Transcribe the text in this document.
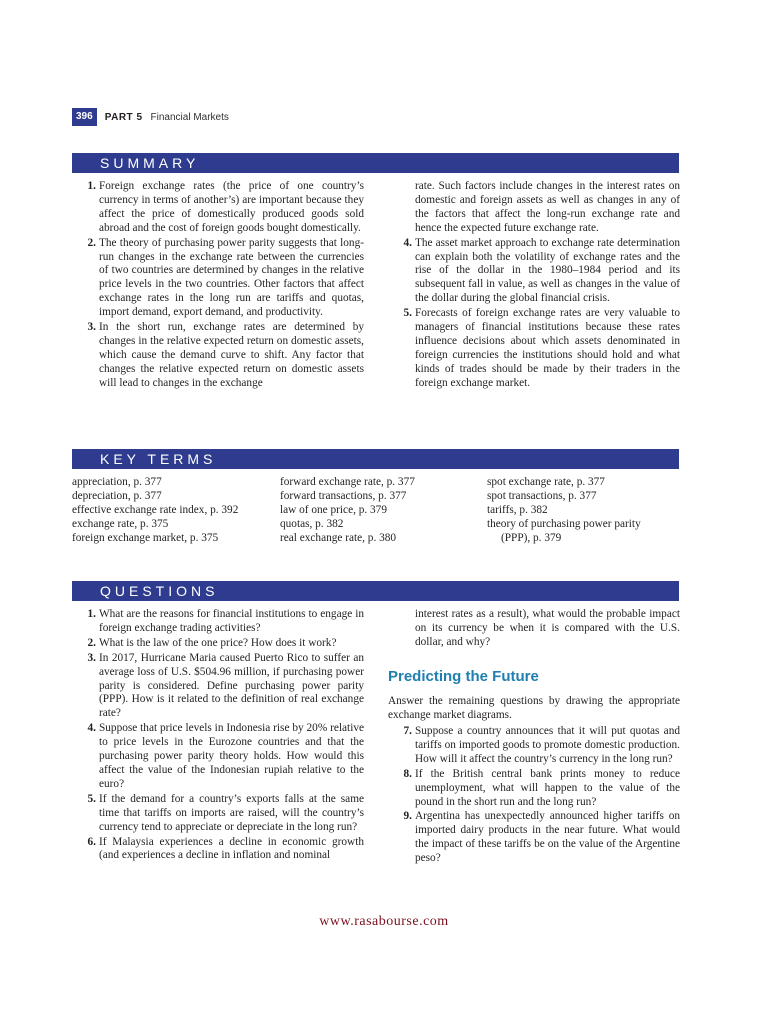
396	PART 5 Financial Markets
SUMMARY
1. Foreign exchange rates (the price of one country’s currency in terms of another’s) are important because they affect the price of domestically produced goods sold abroad and the cost of foreign goods bought domestically.
2. The theory of purchasing power parity suggests that long-run changes in the exchange rate between the currencies of two countries are determined by changes in the relative price levels in the two countries. Other factors that affect exchange rates in the long run are tariffs and quotas, import demand, export demand, and productivity.
3. In the short run, exchange rates are determined by changes in the relative expected return on domestic assets, which cause the demand curve to shift. Any factor that changes the relative expected return on domestic assets will lead to changes in the exchange
rate. Such factors include changes in the interest rates on domestic and foreign assets as well as changes in any of the factors that affect the long-run exchange rate and hence the expected future exchange rate.
4. The asset market approach to exchange rate determination can explain both the volatility of exchange rates and the rise of the dollar in the 1980–1984 period and its subsequent fall in value, as well as changes in the value of the dollar during the global financial crisis.
5. Forecasts of foreign exchange rates are very valuable to managers of financial institutions because these rates influence decisions about which assets denominated in foreign currencies the institutions should hold and what kinds of trades should be made by their traders in the foreign exchange market.
KEY TERMS
appreciation, p. 377
depreciation, p. 377
effective exchange rate index, p. 392
exchange rate, p. 375
foreign exchange market, p. 375
forward exchange rate, p. 377
forward transactions, p. 377
law of one price, p. 379
quotas, p. 382
real exchange rate, p. 380
spot exchange rate, p. 377
spot transactions, p. 377
tariffs, p. 382
theory of purchasing power parity
(PPP), p. 379
QUESTIONS
1. What are the reasons for financial institutions to engage in foreign exchange trading activities?
2. What is the law of the one price? How does it work?
3. In 2017, Hurricane Maria caused Puerto Rico to suffer an average loss of U.S. $504.96 million, if purchasing power parity is considered. Define purchasing power parity (PPP). How is it related to the definition of real exchange rate?
4. Suppose that price levels in Indonesia rise by 20% relative to price levels in the Eurozone countries and that the purchasing power parity theory holds. How would this affect the value of the Indonesian rupiah relative to the euro?
5. If the demand for a country’s exports falls at the same time that tariffs on imports are raised, will the country’s currency tend to appreciate or depreciate in the long run?
6. If Malaysia experiences a decline in economic growth (and experiences a decline in inflation and nominal
interest rates as a result), what would the probable impact on its currency be when it is compared with the U.S. dollar, and why?
Predicting the Future
Answer the remaining questions by drawing the appropriate exchange market diagrams.
7. Suppose a country announces that it will put quotas and tariffs on imported goods to promote domestic production. How will it affect the country’s currency in the long run?
8. If the British central bank prints money to reduce unemployment, what will happen to the value of the pound in the short run and the long run?
9. Argentina has unexpectedly announced higher tariffs on imported dairy products in the near future. What would the impact of these tariffs be on the value of the Argentine peso?
www.rasabourse.com
